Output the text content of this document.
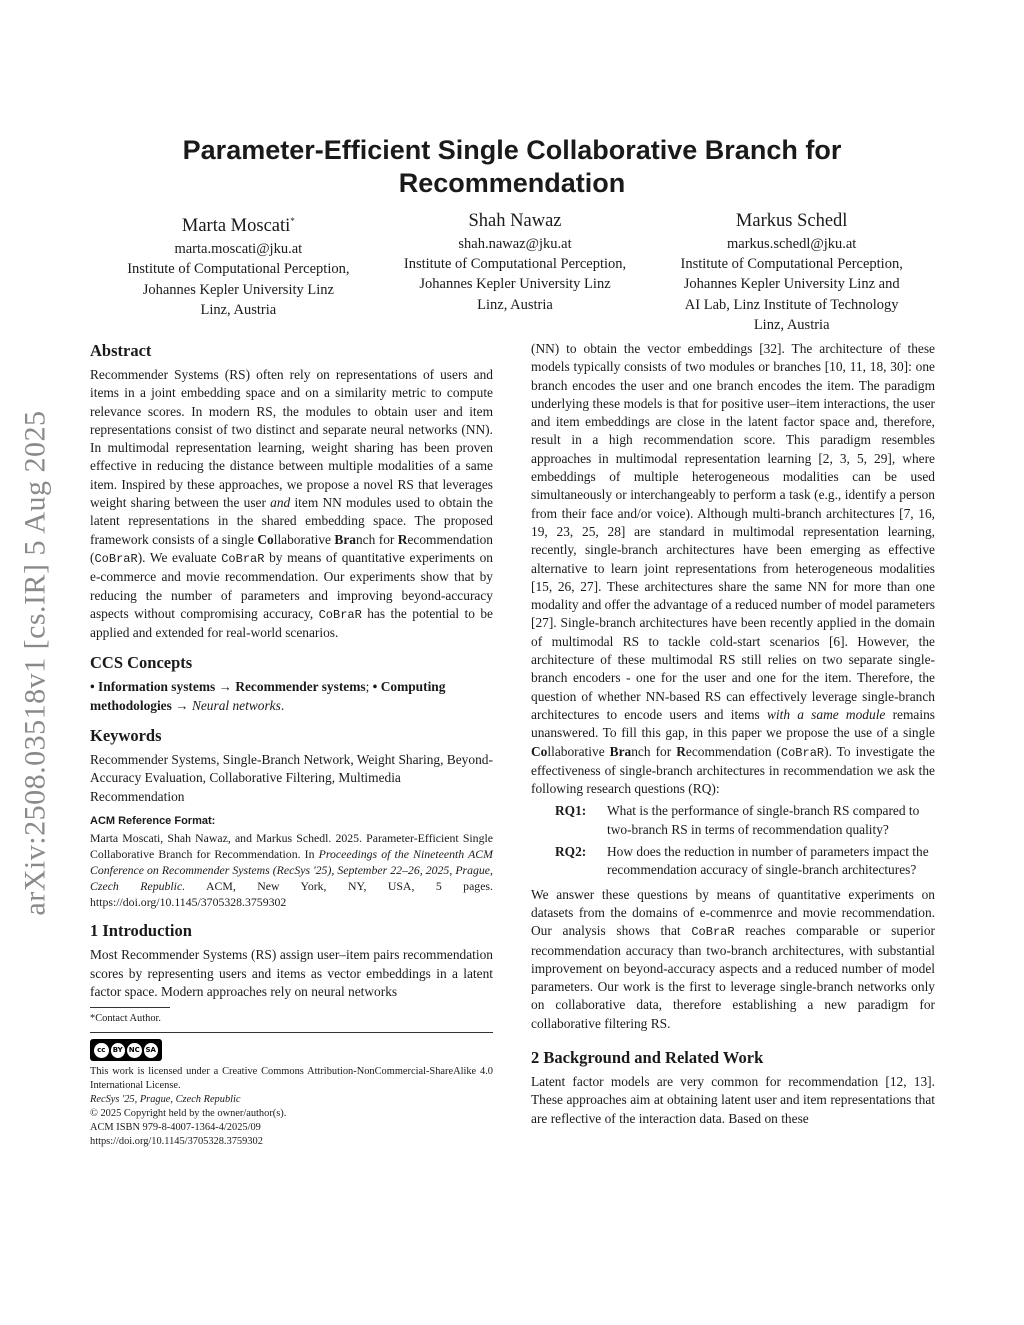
arXiv:2508.03518v1 [cs.IR] 5 Aug 2025
Parameter-Efficient Single Collaborative Branch for Recommendation
Marta Moscati*
marta.moscati@jku.at
Institute of Computational Perception,
Johannes Kepler University Linz
Linz, Austria
Shah Nawaz
shah.nawaz@jku.at
Institute of Computational Perception,
Johannes Kepler University Linz
Linz, Austria
Markus Schedl
markus.schedl@jku.at
Institute of Computational Perception,
Johannes Kepler University Linz and
AI Lab, Linz Institute of Technology
Linz, Austria
Abstract

Recommender Systems (RS) often rely on representations of users and items in a joint embedding space and on a similarity metric to compute relevance scores. In modern RS, the modules to obtain user and item representations consist of two distinct and separate neural networks (NN). In multimodal representation learning, weight sharing has been proven effective in reducing the distance between multiple modalities of a same item. Inspired by these approaches, we propose a novel RS that leverages weight sharing between the user and item NN modules used to obtain the latent representations in the shared embedding space. The proposed framework consists of a single Collaborative Branch for Recommendation (CoBraR). We evaluate CoBraR by means of quantitative experiments on e-commerce and movie recommendation. Our experiments show that by reducing the number of parameters and improving beyond-accuracy aspects without compromising accuracy, CoBraR has the potential to be applied and extended for real-world scenarios.

CCS Concepts

• Information systems → Recommender systems; • Computing methodologies → Neural networks.

Keywords

Recommender Systems, Single-Branch Network, Weight Sharing, Beyond-Accuracy Evaluation, Collaborative Filtering, Multimedia Recommendation

ACM Reference Format:

Marta Moscati, Shah Nawaz, and Markus Schedl. 2025. Parameter-Efficient Single Collaborative Branch for Recommendation. In Proceedings of the Nineteenth ACM Conference on Recommender Systems (RecSys '25), September 22–26, 2025, Prague, Czech Republic. ACM, New York, NY, USA, 5 pages. https://doi.org/10.1145/3705328.3759302

1 Introduction

Most Recommender Systems (RS) assign user–item pairs recommendation scores by representing users and items as vector embeddings in a latent factor space. Modern approaches rely on neural networks

*Contact Author.

cc	BY NC SA

This work is licensed under a Creative Commons Attribution-NonCommercial-ShareAlike 4.0 International License.

RecSys '25, Prague, Czech Republic

© 2025 Copyright held by the owner/author(s).

ACM ISBN 979-8-4007-1364-4/2025/09

https://doi.org/10.1145/3705328.3759302

(NN) to obtain the vector embeddings [32]. The architecture of these models typically consists of two modules or branches [10, 11, 18, 30]: one branch encodes the user and one branch encodes the item. The paradigm underlying these models is that for positive user–item interactions, the user and item embeddings are close in the latent factor space and, therefore, result in a high recommendation score. This paradigm resembles approaches in multimodal representation learning [2, 3, 5, 29], where embeddings of multiple heterogeneous modalities can be used simultaneously or interchangeably to perform a task (e.g., identify a person from their face and/or voice). Although multi-branch architectures [7, 16, 19, 23, 25, 28] are standard in multimodal representation learning, recently, single-branch architectures have been emerging as effective alternative to learn joint representations from heterogeneous modalities [15, 26, 27]. These architectures share the same NN for more than one modality and offer the advantage of a reduced number of model parameters [27]. Single-branch architectures have been recently applied in the domain of multimodal RS to tackle cold-start scenarios [6]. However, the architecture of these multimodal RS still relies on two separate single-branch encoders - one for the user and one for the item. Therefore, the question of whether NN-based RS can effectively leverage single-branch architectures to encode users and items with a same module remains unanswered. To fill this gap, in this paper we propose the use of a single Collaborative Branch for Recommendation (CoBraR). To investigate the effectiveness of single-branch architectures in recommendation we ask the following research questions (RQ):

RQ1:	What is the performance of single-branch RS compared to two-branch RS in terms of recommendation quality?
RQ2:	How does the reduction in number of parameters impact the recommendation accuracy of single-branch architectures?

We answer these questions by means of quantitative experiments on datasets from the domains of e-commenrce and movie recommendation. Our analysis shows that CoBraR reaches comparable or superior recommendation accuracy than two-branch architectures, with substantial improvement on beyond-accuracy aspects and a reduced number of model parameters. Our work is the first to leverage single-branch networks only on collaborative data, therefore establishing a new paradigm for collaborative filtering RS.

2 Background and Related Work

Latent factor models are very common for recommendation [12, 13]. These approaches aim at obtaining latent user and item representations that are reflective of the interaction data. Based on these
